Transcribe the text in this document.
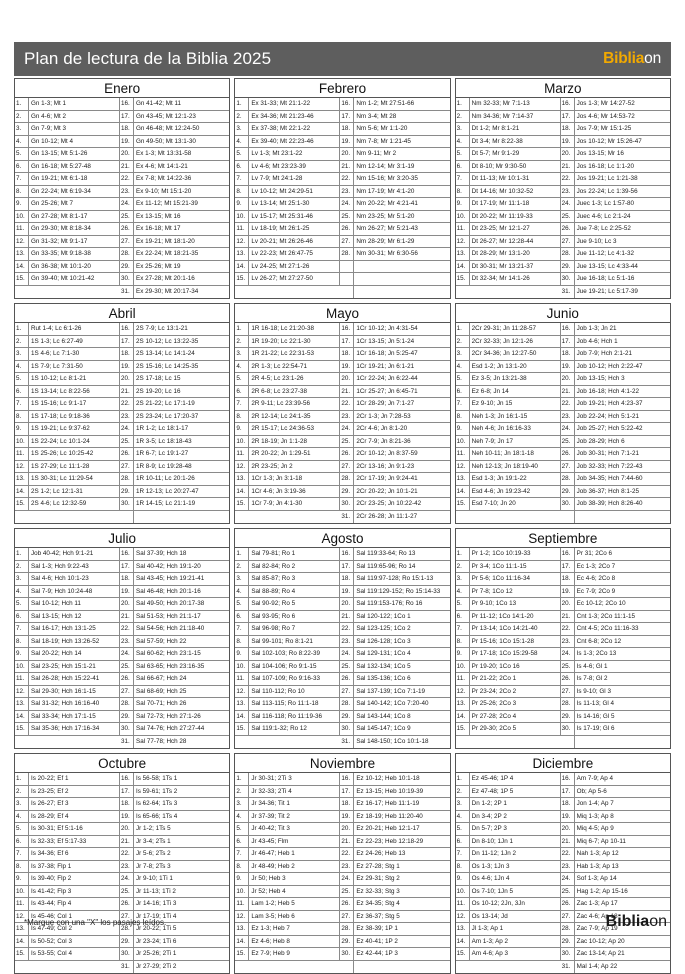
Plan de lectura de la Biblia 2025	Bibliaon
Enero
1.	Gn 1-3; Mt 1	16. Gn 41-42; Mt 11
2.	Gn 4-6; Mt 2	17. Gn 43-45; Mt 12:1-23
3.	Gn 7-9; Mt 3	18. Gn 46-48; Mt 12:24-50
4.	Gn 10-12; Mt 4	19. Gn 49-50; Mt 13:1-30
5.	Gn 13-15; Mt 5:1-26	20. Ex 1-3; Mt 13:31-58
6.	Gn 16-18; Mt 5:27-48	21. Ex 4-6; Mt 14:1-21
7.	Gn 19-21; Mt 6:1-18	22. Ex 7-8; Mt 14:22-36
8.	Gn 22-24; Mt 6:19-34	23. Ex 9-10; Mt 15:1-20
9.	Gn 25-26; Mt 7	24. Ex 11-12; Mt 15:21-39
10. Gn 27-28; Mt 8:1-17	25. Ex 13-15; Mt 16
11.	Gn 29-30; Mt 8:18-34	26. Ex 16-18; Mt 17
12. Gn 31-32; Mt 9:1-17	27. Ex 19-21; Mt 18:1-20
13. Gn 33-35; Mt 9:18-38	28. Ex 22-24; Mt 18:21-35
14. Gn 36-38; Mt 10:1-20	29. Ex 25-26; Mt 19
15. Gn 39-40; Mt 10:21-42	30. Ex 27-28; Mt 20:1-16
31. Ex 29-30; Mt 20:17-34
Febrero
1.	Ex 31-33; Mt 21:1-22	16. Nm 1-2; Mt 27:51-66
2.	Ex 34-36; Mt 21:23-46	17. Nm 3-4; Mt 28
3.	Ex 37-38; Mt 22:1-22	18. Nm 5-6; Mr 1:1-20
4.	Ex 39-40; Mt 22:23-46	19. Nm 7-8; Mr 1:21-45
5.	Lv 1-3; Mt 23:1-22	20. Nm 9-11; Mr 2
6.	Lv 4-6; Mt 23:23-39	21. Nm 12-14; Mr 3:1-19
7.	Lv 7-9; Mt 24:1-28	22. Nm 15-16; Mr 3:20-35
8.	Lv 10-12; Mt 24:29-51	23. Nm 17-19; Mr 4:1-20
9.	Lv 13-14; Mt 25:1-30	24. Nm 20-22; Mr 4:21-41
10. Lv 15-17; Mt 25:31-46	25. Nm 23-25; Mr 5:1-20
11.	Lv 18-19; Mt 26:1-25	26. Nm 26-27; Mr 5:21-43
12. Lv 20-21; Mt 26:26-46	27. Nm 28-29; Mr 6:1-29
13. Lv 22-23; Mt 26:47-75	28. Nm 30-31; Mr 6:30-56
14. Lv 24-25; Mt 27:1-26
15. Lv 26-27; Mt 27:27-50
Marzo
1.	Nm 32-33; Mr 7:1-13	16. Jos 1-3; Mr 14:27-52
2.	Nm 34-36; Mr 7:14-37	17. Jos 4-6; Mr 14:53-72
3.	Dt 1-2; Mr 8:1-21	18. Jos 7-9; Mr 15:1-25
4.	Dt 3-4; Mr 8:22-38	19. Jos 10-12; Mr 15:26-47
5.	Dt 5-7; Mr 9:1-29	20. Jos 13-15; Mr 16
6.	Dt 8-10; Mr 9:30-50	21. Jos 16-18; Lc 1:1-20
7.	Dt 11-13; Mr 10:1-31	22. Jos 19-21; Lc 1:21-38
8.	Dt 14-16; Mr 10:32-52	23. Jos 22-24; Lc 1:39-56
9.	Dt 17-19; Mr 11:1-18	24. Juec 1-3; Lc 1:57-80
10. Dt 20-22; Mr 11:19-33	25. Juec 4-6; Lc 2:1-24
11.	Dt 23-25; Mr 12:1-27	26. Jue 7-8; Lc 2:25-52
12. Dt 26-27; Mr 12:28-44	27. Jue 9-10; Lc 3
13. Dt 28-29; Mr 13:1-20	28. Jue 11-12; Lc 4:1-32
14. Dt 30-31; Mr 13:21-37	29. Jue 13-15; Lc 4:33-44
15. Dt 32-34; Mr 14:1-26	30. Jue 16-18; Lc 5:1-16
31. Jue 19-21; Lc 5:17-39
Abril
1.	Rut 1-4; Lc 6:1-26	16. 2S 7-9; Lc 13:1-21
2.	1S 1-3; Lc 6:27-49	17. 2S 10-12; Lc 13:22-35
3.	1S 4-6; Lc 7:1-30	18. 2S 13-14; Lc 14:1-24
4.	1S 7-9; Lc 7:31-50	19. 2S 15-16; Lc 14:25-35
5.	1S 10-12; Lc 8:1-21	20. 2S 17-18; Lc 15
6.	1S 13-14; Lc 8:22-56	21. 2S 19-20; Lc 16
7.	1S 15-16; Lc 9:1-17	22. 2S 21-22; Lc 17:1-19
8.	1S 17-18; Lc 9:18-36	23. 2S 23-24; Lc 17:20-37
9.	1S 19-21; Lc 9:37-62	24. 1R 1-2; Lc 18:1-17
10. 1S 22-24; Lc 10:1-24	25. 1R 3-5; Lc 18:18-43
11.	1S 25-26; Lc 10:25-42	26. 1R 6-7; Lc 19:1-27
12. 1S 27-29; Lc 11:1-28	27. 1R 8-9; Lc 19:28-48
13. 1S 30-31; Lc 11:29-54	28. 1R 10-11; Lc 20:1-26
14. 2S 1-2; Lc 12:1-31	29. 1R 12-13; Lc 20:27-47
15. 2S 4-6; Lc 12:32-59	30. 1R 14-15; Lc 21:1-19
Mayo
1.	1R 16-18; Lc 21:20-38	16. 1Cr 10-12; Jn 4:31-54
2.	1R 19-20; Lc 22:1-30	17. 1Cr 13-15; Jn 5:1-24
3.	1R 21-22; Lc 22:31-53	18. 1Cr 16-18; Jn 5:25-47
4.	2R 1-3; Lc 22:54-71	19. 1Cr 19-21; Jn 6:1-21
5.	2R 4-5; Lc 23:1-26	20. 1Cr 22-24; Jn 6:22-44
6.	2R 6-8; Lc 23:27-38	21. 1Cr 25-27; Jn 6:45-71
7.	2R 9-11; Lc 23:39-56	22. 1Cr 28-29; Jn 7:1-27
8.	2R 12-14; Lc 24:1-35	23. 2Cr 1-3; Jn 7:28-53
9.	2R 15-17; Lc 24:36-53	24. 2Cr 4-6; Jn 8:1-20
10. 2R 18-19; Jn 1:1-28	25. 2Cr 7-9; Jn 8:21-36
11.	2R 20-22; Jn 1:29-51	26. 2Cr 10-12; Jn 8:37-59
12. 2R 23-25; Jn 2	27. 2Cr 13-16; Jn 9:1-23
13. 1Cr 1-3; Jn 3:1-18	28. 2Cr 17-19; Jn 9:24-41
14. 1Cr 4-6; Jn 3:19-36	29. 2Cr 20-22; Jn 10:1-21
15. 1Cr 7-9; Jn 4:1-30	30. 2Cr 23-25; Jn 10:22-42
31. 2Cr 26-28; Jn 11:1-27
Junio
1.	2Cr 29-31; Jn 11:28-57	16. Job 1-3; Jn 21
2.	2Cr 32-33; Jn 12:1-26	17. Job 4-6; Hch 1
3.	2Cr 34-36; Jn 12:27-50	18. Job 7-9; Hch 2:1-21
4.	Esd 1-2; Jn 13:1-20	19. Job 10-12; Hch 2:22-47
5.	Ez 3-5; Jn 13:21-38	20. Job 13-15; Hch 3
6.	Ez 6-8; Jn 14	21. Job 16-18; Hch 4:1-22
7.	Ez 9-10; Jn 15	22. Job 19-21; Hch 4:23-37
8.	Neh 1-3; Jn 16:1-15	23. Job 22-24; Hch 5:1-21
9.	Neh 4-6; Jn 16:16-33	24. Job 25-27; Hch 5:22-42
10. Neh 7-9; Jn 17	25. Job 28-29; Hch 6
11.	Neh 10-11; Jn 18:1-18	26. Job 30-31; Hch 7:1-21
12. Neh 12-13; Jn 18:19-40	27. Job 32-33; Hch 7:22-43
13. Esd 1-3; Jn 19:1-22	28. Job 34-35; Hch 7:44-60
14. Esd 4-6; Jn 19:23-42	29. Job 36-37; Hch 8:1-25
15. Esd 7-10; Jn 20	30. Job 38-39; Hch 8:26-40
Julio
1.	Job 40-42; Hch 9:1-21	16. Sal 37-39; Hch 18
2.	Sal 1-3; Hch 9:22-43	17. Sal 40-42; Hch 19:1-20
3.	Sal 4-6; Hch 10:1-23	18. Sal 43-45; Hch 19:21-41
4.	Sal 7-9; Hch 10:24-48	19. Sal 46-48; Hch 20:1-16
5.	Sal 10-12; Hch 11	20. Sal 49-50; Hch 20:17-38
6.	Sal 13-15; Hch 12	21. Sal 51-53; Hch 21:1-17
7.	Sal 16-17; Hch 13:1-25	22. Sal 54-56; Hch 21:18-40
8.	Sal 18-19; Hch 13:26-52	23. Sal 57-59; Hch 22
9.	Sal 20-22; Hch 14	24. Sal 60-62; Hch 23:1-15
10. Sal 23-25; Hch 15:1-21	25. Sal 63-65; Hch 23:16-35
11.	Sal 26-28; Hch 15:22-41	26. Sal 66-67; Hch 24
12. Sal 29-30; Hch 16:1-15	27. Sal 68-69; Hch 25
13. Sal 31-32; Hch 16:16-40	28. Sal 70-71; Hch 26
14. Sal 33-34; Hch 17:1-15	29. Sal 72-73; Hch 27:1-26
15. Sal 35-36; Hch 17:16-34	30. Sal 74-76; Hch 27:27-44
31. Sal 77-78; Hch 28
Agosto
1.	Sal 79-81; Ro 1	16. Sal 119:33-64; Ro 13
2.	Sal 82-84; Ro 2	17. Sal 119:65-96; Ro 14
3.	Sal 85-87; Ro 3	18. Sal 119:97-128; Ro 15:1-13
4.	Sal 88-89; Ro 4	19. Sal 119:129-152; Ro 15:14-33
5.	Sal 90-92; Ro 5	20. Sal 119:153-176; Ro 16
6.	Sal 93-95; Ro 6	21. Sal 120-122; 1Co 1
7.	Sal 96-98; Ro 7	22. Sal 123-125; 1Co 2
8.	Sal 99-101; Ro 8:1-21	23. Sal 126-128; 1Co 3
9.	Sal 102-103; Ro 8:22-39	24. Sal 129-131; 1Co 4
10. Sal 104-106; Ro 9:1-15	25. Sal 132-134; 1Co 5
11.	Sal 107-109; Ro 9:16-33	26. Sal 135-136; 1Co 6
12. Sal 110-112; Ro 10	27. Sal 137-139; 1Co 7:1-19
13. Sal 113-115; Ro 11:1-18	28. Sal 140-142; 1Co 7:20-40
14. Sal 116-118; Ro 11:19-36	29. Sal 143-144; 1Co 8
15. Sal 119:1-32; Ro 12	30. Sal 145-147; 1Co 9
31. Sal 148-150; 1Co 10:1-18
Septiembre
1.	Pr 1-2; 1Co 10:19-33	16. Pr 31; 2Co 6
2.	Pr 3-4; 1Co 11:1-15	17. Ec 1-3; 2Co 7
3.	Pr 5-6; 1Co 11:16-34	18. Ec 4-6; 2Co 8
4.	Pr 7-8; 1Co 12	19. Ec 7-9; 2Co 9
5.	Pr 9-10; 1Co 13	20. Ec 10-12; 2Co 10
6.	Pr 11-12; 1Co 14:1-20	21. Cnt 1-3; 2Co 11:1-15
7.	Pr 13-14; 1Co 14:21-40	22. Cnt 4-5; 2Co 11:16-33
8.	Pr 15-16; 1Co 15:1-28	23. Cnt 6-8; 2Co 12
9.	Pr 17-18; 1Co 15:29-58	24. Is 1-3; 2Co 13
10. Pr 19-20; 1Co 16	25. Is 4-6; Gl 1
11.	Pr 21-22; 2Co 1	26. Is 7-8; Gl 2
12. Pr 23-24; 2Co 2	27. Is 9-10; Gl 3
13. Pr 25-26; 2Co 3	28. Is 11-13; Gl 4
14. Pr 27-28; 2Co 4	29. Is 14-16; Gl 5
15. Pr 29-30; 2Co 5	30. Is 17-19; Gl 6
Octubre
1.	Is 20-22; Ef 1	16. Is 56-58; 1Ts 1
2.	Is 23-25; Ef 2	17. Is 59-61; 1Ts 2
3.	Is 26-27; Ef 3	18. Is 62-64; 1Ts 3
4.	Is 28-29; Ef 4	19. Is 65-66; 1Ts 4
5.	Is 30-31; Ef 5:1-16	20. Jr 1-2; 1Ts 5
6.	Is 32-33; Ef 5:17-33	21. Jr 3-4; 2Ts 1
7.	Is 34-36; Ef 6	22. Jr 5-6; 2Ts 2
8.	Is 37-38; Flp 1	23. Jr 7-8; 2Ts 3
9.	Is 39-40; Flp 2	24. Jr 9-10; 1Ti 1
10. Is 41-42; Flp 3	25. Jr 11-13; 1Ti 2
11.	Is 43-44; Flp 4	26. Jr 14-16; 1Ti 3
12. Is 45-46; Col 1	27. Jr 17-19; 1Ti 4
13. Is 47-49; Col 2	28. Jr 20-22; 1Ti 5
14. Is 50-52; Col 3	29. Jr 23-24; 1Ti 6
15. Is 53-55; Col 4	30. Jr 25-26; 2Ti 1
31. Jr 27-29; 2Ti 2
Noviembre
1.	Jr 30-31; 2Ti 3	16. Ez 10-12; Heb 10:1-18
2.	Jr 32-33; 2Ti 4	17. Ez 13-15; Heb 10:19-39
3.	Jr 34-36; Tit 1	18. Ez 16-17; Heb 11:1-19
4.	Jr 37-39; Tit 2	19. Ez 18-19; Heb 11:20-40
5.	Jr 40-42; Tit 3	20. Ez 20-21; Heb 12:1-17
6.	Jr 43-45; Flm	21. Ez 22-23; Heb 12:18-29
7.	Jr 46-47; Heb 1	22. Ez 24-26; Heb 13
8.	Jr 48-49; Heb 2	23. Ez 27-28; Stg 1
9.	Jr 50; Heb 3	24. Ez 29-31; Stg 2
10. Jr 52; Heb 4	25. Ez 32-33; Stg 3
11.	Lam 1-2; Heb 5	26. Ez 34-35; Stg 4
12. Lam 3-5; Heb 6	27. Ez 36-37; Stg 5
13. Ez 1-3; Heb 7	28. Ez 38-39; 1P 1
14. Ez 4-6; Heb 8	29. Ez 40-41; 1P 2
15. Ez 7-9; Heb 9	30. Ez 42-44; 1P 3
Diciembre
1.	Ez 45-46; 1P 4	16. Am 7-9; Ap 4
2.	Ez 47-48; 1P 5	17. Ob; Ap 5-6
3.	Dn 1-2; 2P 1	18. Jon 1-4; Ap 7
4.	Dn 3-4; 2P 2	19. Miq 1-3; Ap 8
5.	Dn 5-7; 2P 3	20. Miq 4-5; Ap 9
6.	Dn 8-10; 1Jn 1	21. Miq 6-7; Ap 10-11
7.	Dn 11-12; 1Jn 2	22. Nah 1-3; Ap 12
8.	Os 1-3; 1Jn 3	23. Hab 1-3; Ap 13
9.	Os 4-6; 1Jn 4	24. Sof 1-3; Ap 14
10. Os 7-10; 1Jn 5	25. Hag 1-2; Ap 15-16
11.	Os 10-12; 2Jn, 3Jn	26. Zac 1-3; Ap 17
12. Os 13-14; Jd	27. Zac 4-6; Ap 18
13. Jl 1-3; Ap 1	28. Zac 7-9; Ap 19
14. Am 1-3; Ap 2	29. Zac 10-12; Ap 20
15. Am 4-6; Ap 3	30. Zac 13-14; Ap 21
31. Mal 1-4; Ap 22
*Marque con una "X" los pasajes leídos.	Bibliaon
